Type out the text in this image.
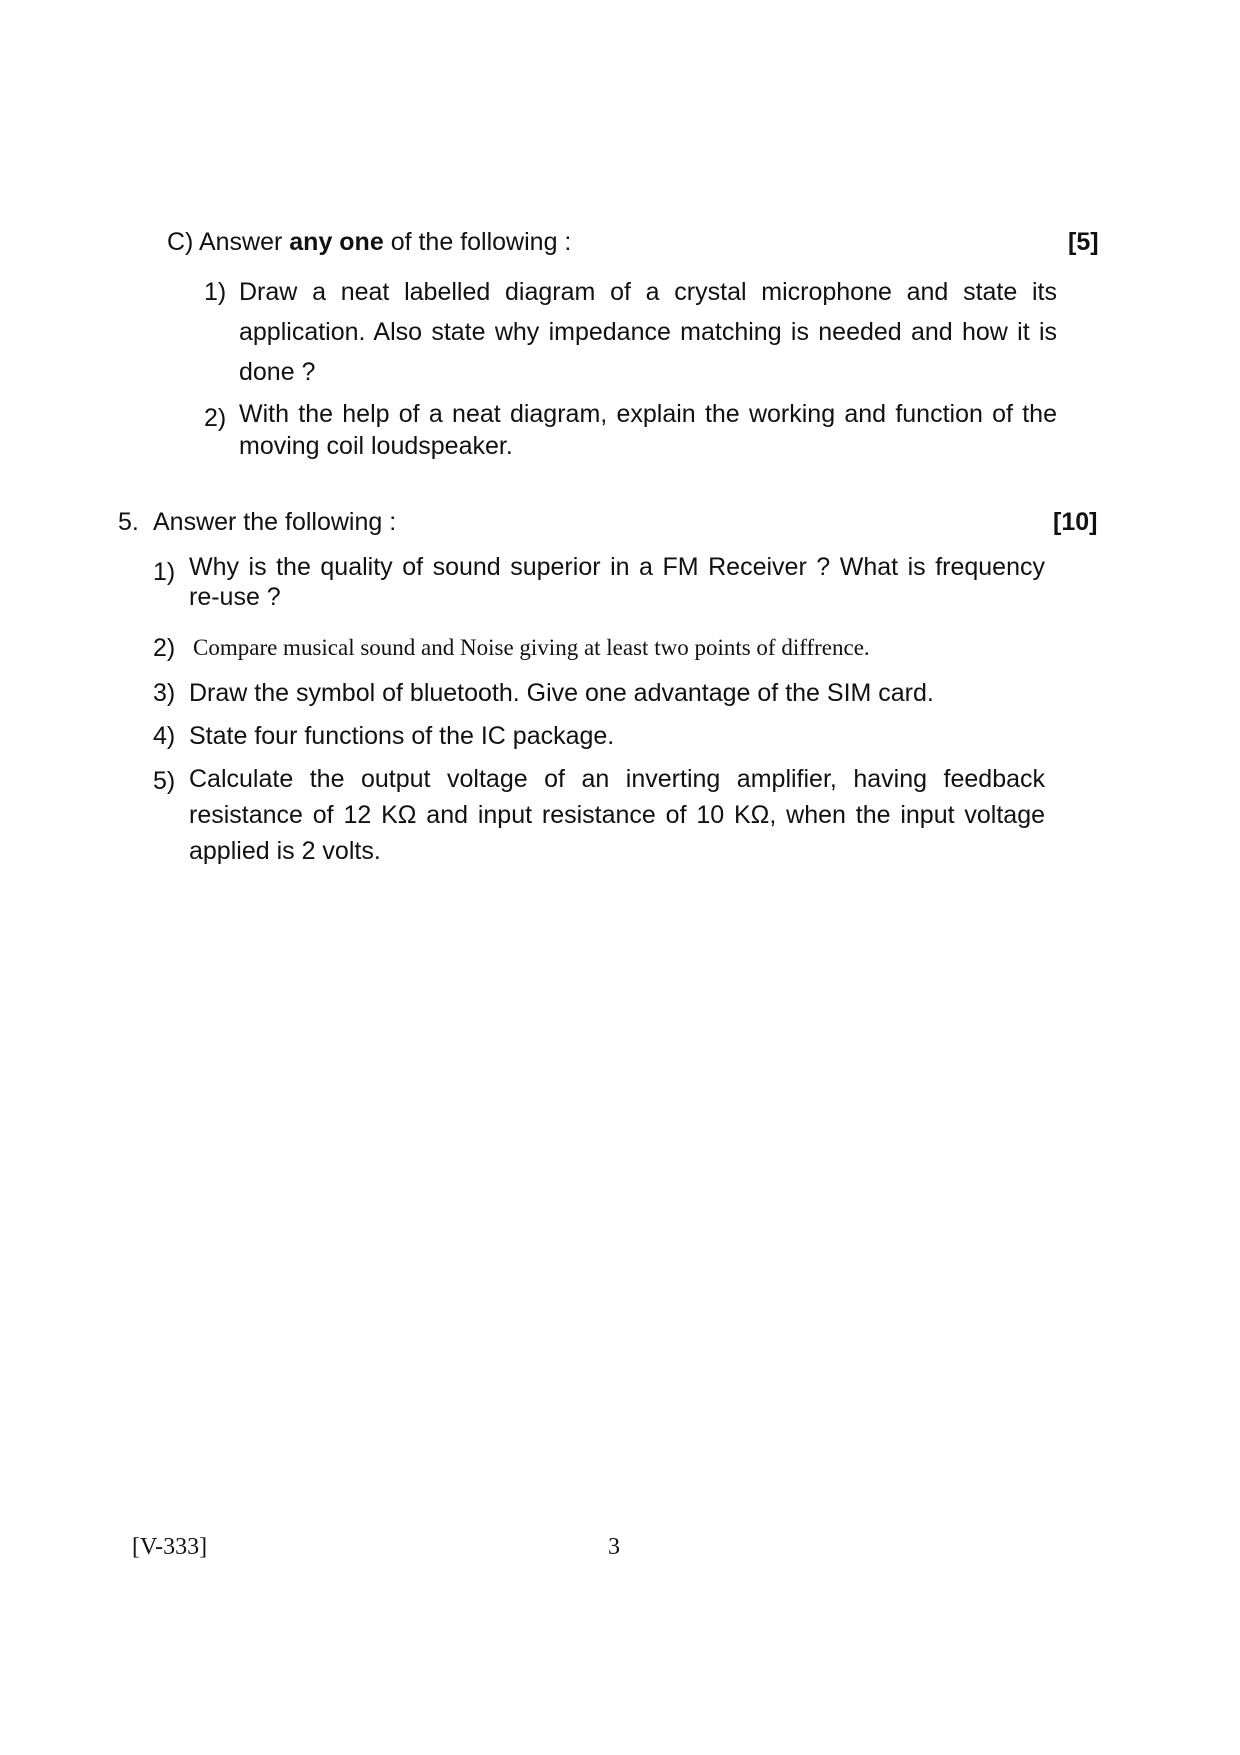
C) Answer any one of the following :	[5]
1) Draw a neat labelled diagram of a crystal microphone and state its
application. Also state why impedance matching is needed and how it is
done ?
2) With the help of a neat diagram, explain the working and function of the
moving coil loudspeaker.
5. Answer the following :	[10]
1) Why is the quality of sound superior in a FM Receiver ? What is frequency
re-use ?
2) Compare musical sound and Noise giving at least two points of diffrence.
3) Draw the symbol of bluetooth. Give one advantage of the SIM card.
4) State four functions of the IC package.
5) Calculate the output voltage of an inverting amplifier, having feedback
resistance of 12 KΩ and input resistance of 10 KΩ, when the input voltage
applied is 2 volts.
[V-333]	3
